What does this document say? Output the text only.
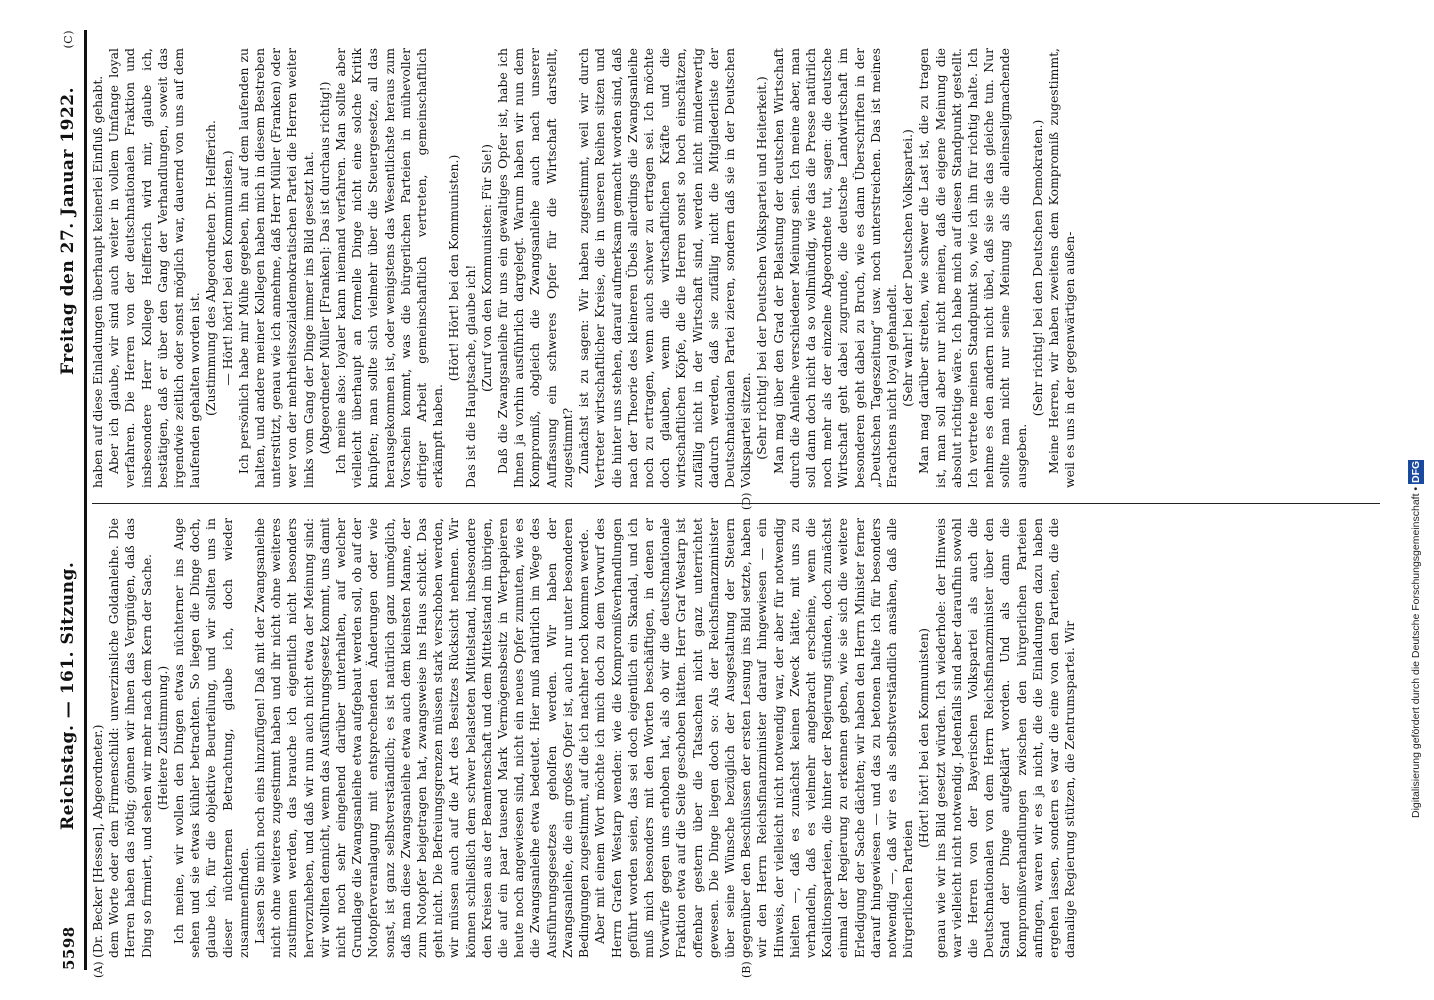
5598
Reichstag. — 161. Sitzung.
Freitag den 27. Januar 1922.
(C)
(A)	(B)
(D)

(Dr. Becker [Hessen], Abgeordneter.) dem Worte oder dem Firmenschild: unverzinsliche Goldanleihe. Die Herren haben das nötig; gönnen wir ihnen das Vergnügen, daß das Ding so firmiert, und sehen wir mehr nach dem Kern der Sache. (Heitere Zustimmung.) Ich meine, wir wollen den Dingen etwas nüchterner ins Auge sehen und sie etwas kühler betrachten. So liegen die Dinge doch, glaube ich, für die objektive Beurteilung, und wir sollten uns in dieser nüchternen Betrachtung, glaube ich, doch wieder zusammenfinden. Lassen Sie mich noch eins hinzufügen! Daß mit der Zwangsanleihe nicht ohne weiteres zugestimmt haben und ihr nicht ohne weiteres zustimmen werden, das brauche ich eigentlich nicht besonders hervorzuheben, und daß wir nun auch nicht etwa der Meinung sind: wir wollten dennicht, wenn das Ausführungsgesetz kommt, uns damit nicht noch sehr eingehend darüber unterhalten, auf welcher Grundlage die Zwangsanleihe etwa aufgebaut werden soll, ob auf der Notopferveranlagung mit entsprechenden Änderungen oder wie sonst, ist ganz selbstverständlich; es ist natürlich ganz unmöglich, daß man diese Zwangsanleihe etwa auch dem kleinsten Manne, der zum Notopfer beigetragen hat, zwangsweise ins Haus schickt. Das geht nicht. Die Befreiungsgrenzen müssen stark verschoben werden, wir müssen auch auf die Art des Besitzes Rücksicht nehmen. Wir können schließlich dem schwer belasteten Mittelstand, insbesondere den Kreisen aus der Beamtenschaft und dem Mittelstand im übrigen, die auf ein paar tausend Mark Vermögensbesitz in Wertpapieren heute noch angewiesen sind, nicht ein neues Opfer zumuten, wie es die Zwangsanleihe etwa bedeutet. Hier muß natürlich im Wege des Ausführungsgesetzes geholfen werden. Wir haben der Zwangsanleihe, die ein großes Opfer ist, auch nur unter besonderen Bedingungen zugestimmt, auf die ich nachher noch kommen werde. Aber mit einem Wort möchte ich mich doch zu dem Vorwurf des Herrn Grafen Westarp wenden: wie die Kompromißverhandlungen geführt worden seien, das sei doch eigentlich ein Skandal, und ich muß mich besonders mit den Worten beschäftigen, in denen er Vorwürfe gegen uns erhoben hat, als ob wir die deutschnationale Fraktion etwa auf die Seite geschoben hätten. Herr Graf Westarp ist offenbar gestern über die Tatsachen nicht ganz unterrichtet gewesen. Die Dinge liegen doch so: Als der Reichsfinanzminister über seine Wünsche bezüglich der Ausgestaltung der Steuern gegenüber den Beschlüssen der ersten Lesung ins Bild setzte, haben wir den Herrn Reichsfinanzminister darauf hingewiesen — ein Hinweis, der vielleicht nicht notwendig war, der aber für notwendig hielten —, daß es zunächst keinen Zweck hätte, mit uns zu verhandeln, daß es vielmehr angebracht erscheine, wenn die Koalitionsparteien, die hinter der Regierung stünden, doch zunächst einmal der Regierung zu erkennen geben, wie sie sich die weitere Erledigung der Sache dächten; wir haben den Herrn Minister ferner darauf hingewiesen — und das zu betonen halte ich für besonders notwendig —, daß wir es als selbstverständlich ansähen, daß alle bürgerlichen Parteien

(Hört! hört! bei den Kommunisten) genau wie wir ins Bild gesetzt würden. Ich wiederhole: der Hinweis war vielleicht nicht notwendig. Jedenfalls sind aber daraufhin sowohl die Herren von der Bayerischen Volkspartei als auch die Deutschnationalen von dem Herrn Reichsfinanzminister über den Stand der Dinge aufgeklärt worden. Und als dann die Kompromißverhandlungen zwischen den bürgerlichen Parteien anfingen, waren wir es ja nicht, die die Einladungen dazu haben ergehen lassen, sondern es war die eine von den Parteien, die die damalige Regierung stützen, die Zentrumspartei. Wir

haben auf diese Einladungen überhaupt keinerlei Einfluß gehabt. Aber ich glaube, wir sind auch weiter in vollem Umfange loyal verfahren. Die Herren von der deutschnationalen Fraktion und insbesondere Herr Kollege Helfferich wird mir, glaube ich, bestätigen, daß er über den Gang der Verhandlungen, soweit das irgendwie zeitlich oder sonst möglich war, dauernd von uns auf dem laufenden gehalten worden ist. (Zustimmung des Abgeordneten Dr. Helfferich. — Hört! hört! bei den Kommunisten.) Ich persönlich habe mir Mühe gegeben, ihn auf dem laufenden zu halten, und andere meiner Kollegen haben mich in diesem Bestreben unterstützt, genau wie ich annehme, daß Herr Müller (Franken) oder wer von der mehrheitssozialdemokratischen Partei die Herren weiter links vom Gang der Dinge immer ins Bild gesetzt hat. (Abgeordneter Müller [Franken]: Das ist durchaus richtig!) Ich meine also: loyaler kann niemand verfahren. Man sollte aber vielleicht überhaupt an formelle Dinge nicht eine solche Kritik knüpfen; man sollte sich vielmehr über die Steuergesetze, all das herausgekommen ist, oder wenigstens das Wesentlichste heraus zum Vorschein kommt, was die bürgerlichen Parteien in mühevoller eifriger Arbeit gemeinschaftlich vertreten, gemeinschaftlich erkämpft haben.

(Hört! Hört! bei den Kommunisten.) Das ist die Hauptsache, glaube ich! (Zuruf von den Kommunisten: Für Sie!) Daß die Zwangsanleihe für uns ein gewaltiges Opfer ist, habe ich Ihnen ja vorhin ausführlich dargelegt. Warum haben wir nun dem Kompromiß, obgleich die Zwangsanleihe auch nach unserer Auffassung ein schweres Opfer für die Wirtschaft darstellt, zugestimmt? Zunächst ist zu sagen: Wir haben zugestimmt, weil wir durch Vertreter wirtschaftlicher Kreise, die in unseren Reihen sitzen und die hinter uns stehen, darauf aufmerksam gemacht worden sind, daß nach der Theorie des kleineren Übels allerdings die Zwangsanleihe noch zu ertragen, wenn auch schwer zu ertragen sei. Ich möchte doch glauben, wenn die wirtschaftlichen Kräfte und die wirtschaftlichen Köpfe, die die Herren sonst so hoch einschätzen, zufällig nicht in der Wirtschaft sind, werden nicht minderwertig dadurch werden, daß sie zufällig nicht die Mitgliederliste der Deutschnationalen Partei zieren, sondern daß sie in der Deutschen Volkspartei sitzen. (Sehr richtig! bei der Deutschen Volkspartei und Heiterkeit.) Man mag über den Grad der Belastung der deutschen Wirtschaft durch die Anleihe verschiedener Meinung sein. Ich meine aber, man soll dann doch nicht da so vollmündig, wie das die Presse natürlich noch mehr als der einzelne Abgeordnete tut, sagen: die deutsche Wirtschaft geht dabei zugrunde, die deutsche Landwirtschaft im besonderen geht dabei zu Bruch, wie es dann Überschriften in der „Deutschen Tageszeitung“ usw. noch unterstreichen. Das ist meines Erachtens nicht loyal gehandelt. (Sehr wahr! bei der Deutschen Volkspartei.) Man mag darüber streiten, wie schwer die Last ist, die zu tragen ist, man soll aber nur nicht meinen, daß die eigene Meinung die absolut richtige wäre. Ich habe mich auf diesen Standpunkt gestellt. Ich vertrete meinen Standpunkt so, wie ich ihn für richtig halte. Ich nehme es den andern nicht übel, daß sie sie das gleiche tun. Nur sollte man nicht nur seine Meinung als die alleinseligmachende ausgeben.

(Sehr richtig! bei den Deutschen Demokraten.) Meine Herren, wir haben zweitens dem Kompromiß zugestimmt, weil es uns in der gegenwärtigen außen-

Digitalisierung gefördert durch die Deutsche Forschungsgemeinschaft • DFG
